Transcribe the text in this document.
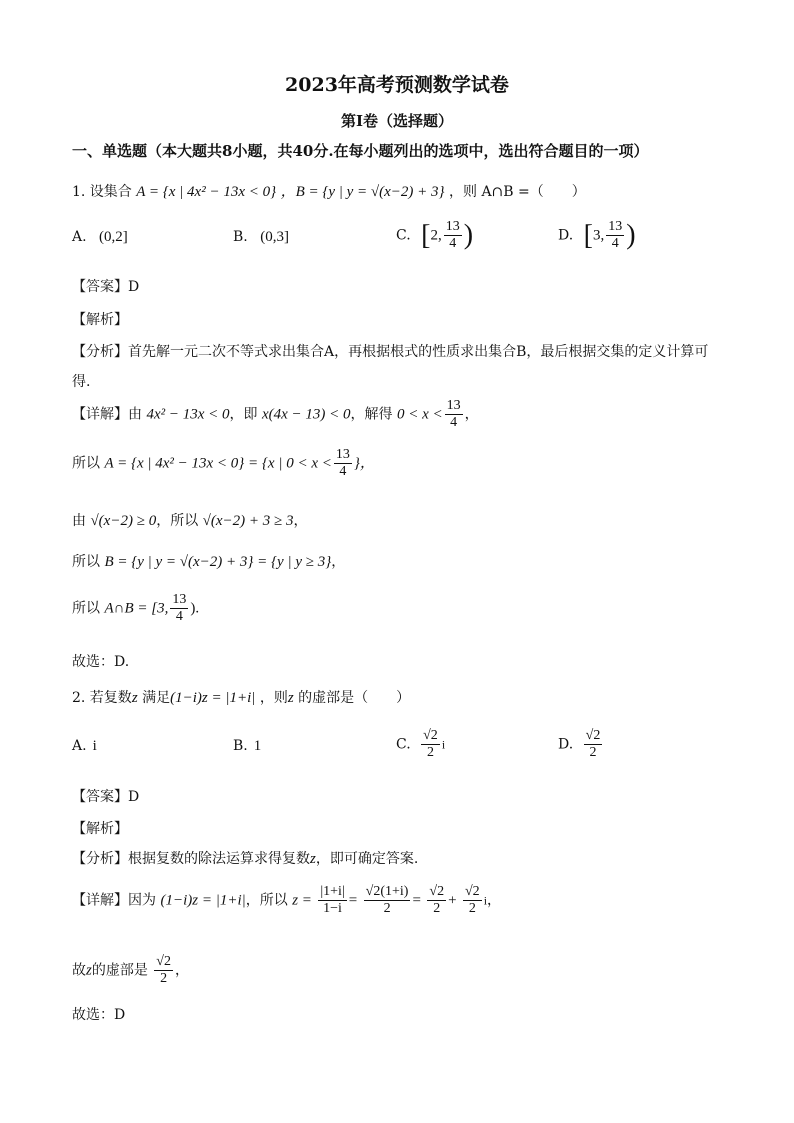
2023年高考预测数学试卷
第I卷（选择题）
一、单选题（本大题共8小题，共40分.在每小题列出的选项中，选出符合题目的一项）
1. 设集合 A = {x | 4x² − 13x < 0} ，B = {y | y = √(x−2) + 3} ，则 A∩B =（　　）
A. (0,2]	B. (0,3]	C. [2, $\frac{13}{4}$ )	D. [3, $\frac{13}{4}$ )
【答案】D
【解析】
【分析】首先解一元二次不等式求出集合A，再根据根式的性质求出集合B，最后根据交集的定义计算可
得.
【详解】由 4x² − 13x < 0，即 x(4x − 13) < 0，解得 $0 < x < \frac{13}{4}$ ，
所以 A = {x | 4x² − 13x < 0} = {x | $0 < x < \frac{13}{4}$ }，
由 √(x−2) ≥ 0，所以 √(x−2) + 3 ≥ 3，
所以 B = {y | y = √(x−2) + 3} = {y | y ≥ 3}，
所以 A∩B = [3, $\frac{13}{4}$ ).
故选：D.
2. 若复数z 满足(1−i)z = |1+i| ，则z 的虚部是（　　）
A. i	B. 1	C. $\frac{√2}{2}$ i	D. $\frac{√2}{2}$
【答案】D
【解析】
【分析】根据复数的除法运算求得复数z，即可确定答案.
【详解】因为 (1−i)z = |1+i|，所以 $z = \frac{|1+i|}{1-i} = \frac{√2(1+i)}{2} = \frac{√2}{2} + \frac{√2}{2}$ i，
故z的虚部是 $\frac{√2}{2}$ ，
故选：D
